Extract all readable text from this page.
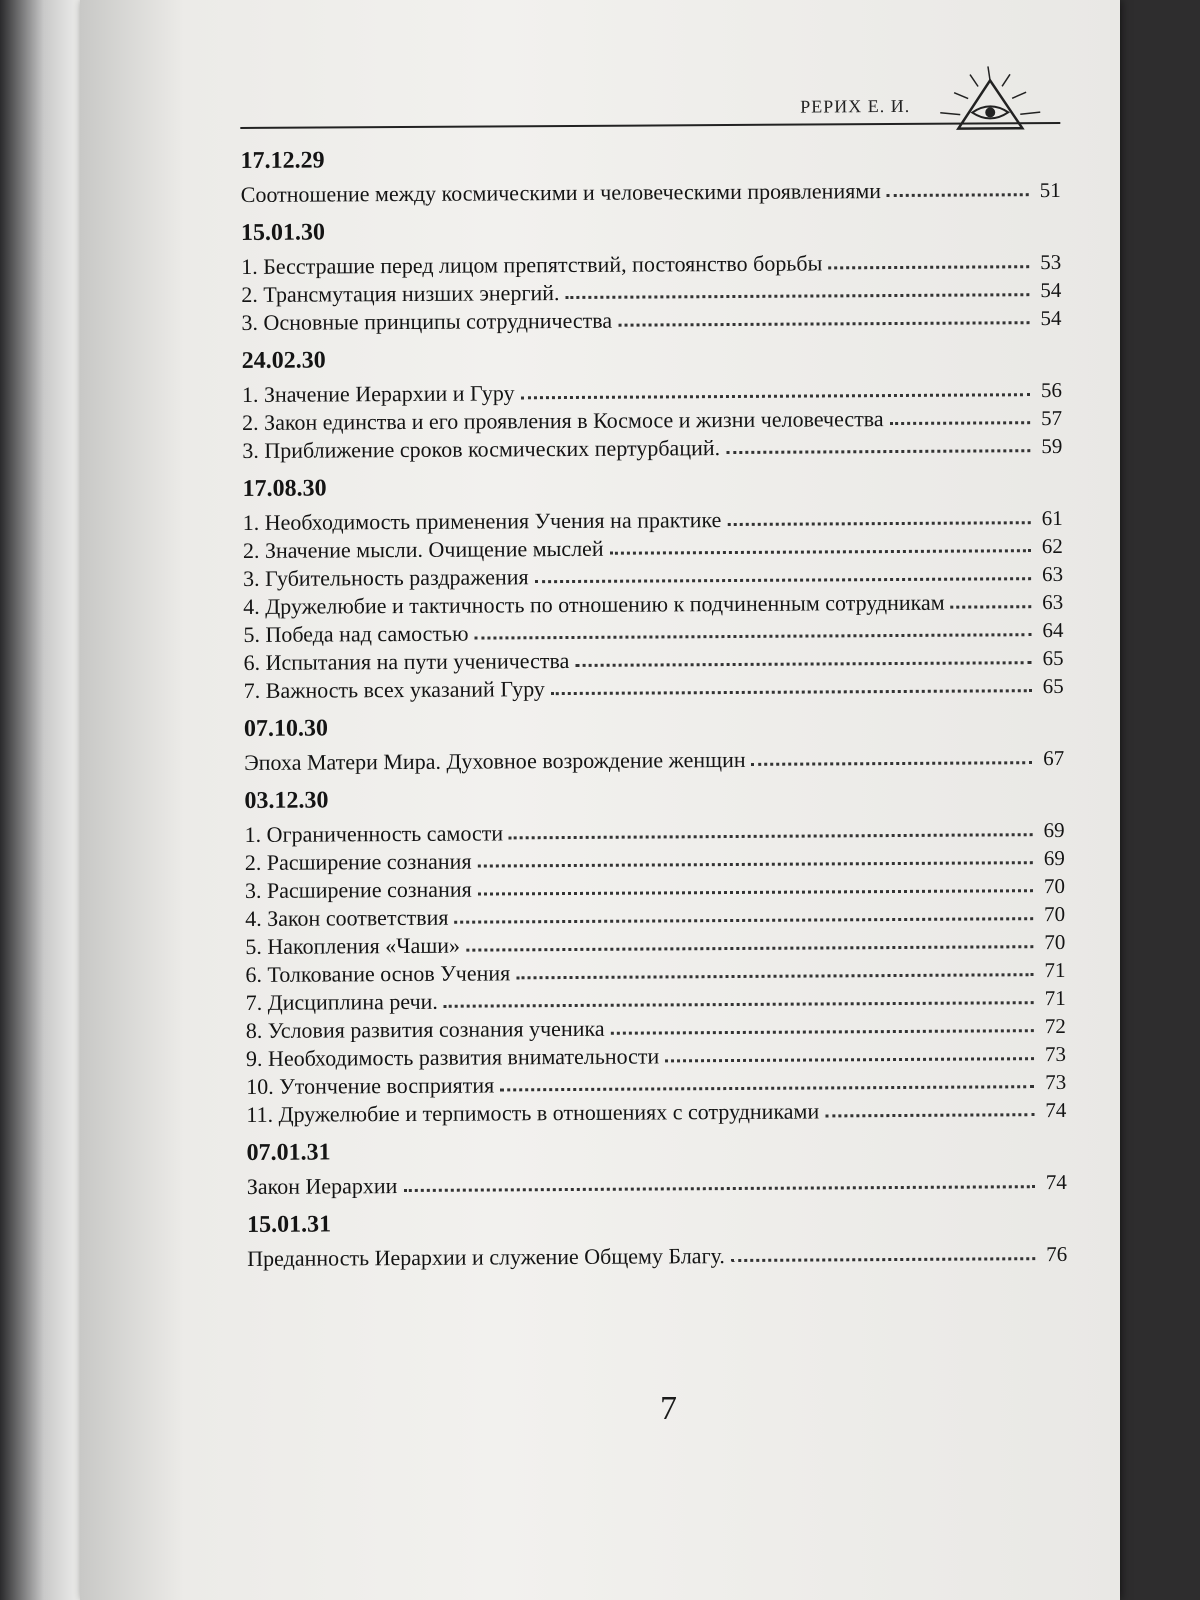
РЕРИХ Е. И.
17.12.29
Соотношение между космическими и человеческими проявлениями	51
15.01.30
1. Бесстрашие перед лицом препятствий, постоянство борьбы	53
2. Трансмутация низших энергий.	54
3. Основные принципы сотрудничества	54
24.02.30
1. Значение Иерархии и Гуру	56
2. Закон единства и его проявления в Космосе и жизни человечества	57
3. Приближение сроков космических пертурбаций.	59
17.08.30
1. Необходимость применения Учения на практике	61
2. Значение мысли. Очищение мыслей	62
3. Губительность раздражения	63
4. Дружелюбие и тактичность по отношению к подчиненным сотрудникам	63
5. Победа над самостью	64
6. Испытания на пути ученичества	65
7. Важность всех указаний Гуру	65
07.10.30
Эпоха Матери Мира. Духовное возрождение женщин	67
03.12.30
1. Ограниченность самости	69
2. Расширение сознания	69
3. Расширение сознания	70
4. Закон соответствия	70
5. Накопления «Чаши»	70
6. Толкование основ Учения	71
7. Дисциплина речи.	71
8. Условия развития сознания ученика	72
9. Необходимость развития внимательности	73
10. Утончение восприятия	73
11. Дружелюбие и терпимость в отношениях с сотрудниками	74
07.01.31
Закон Иерархии	74
15.01.31
Преданность Иерархии и служение Общему Благу.	76
7
